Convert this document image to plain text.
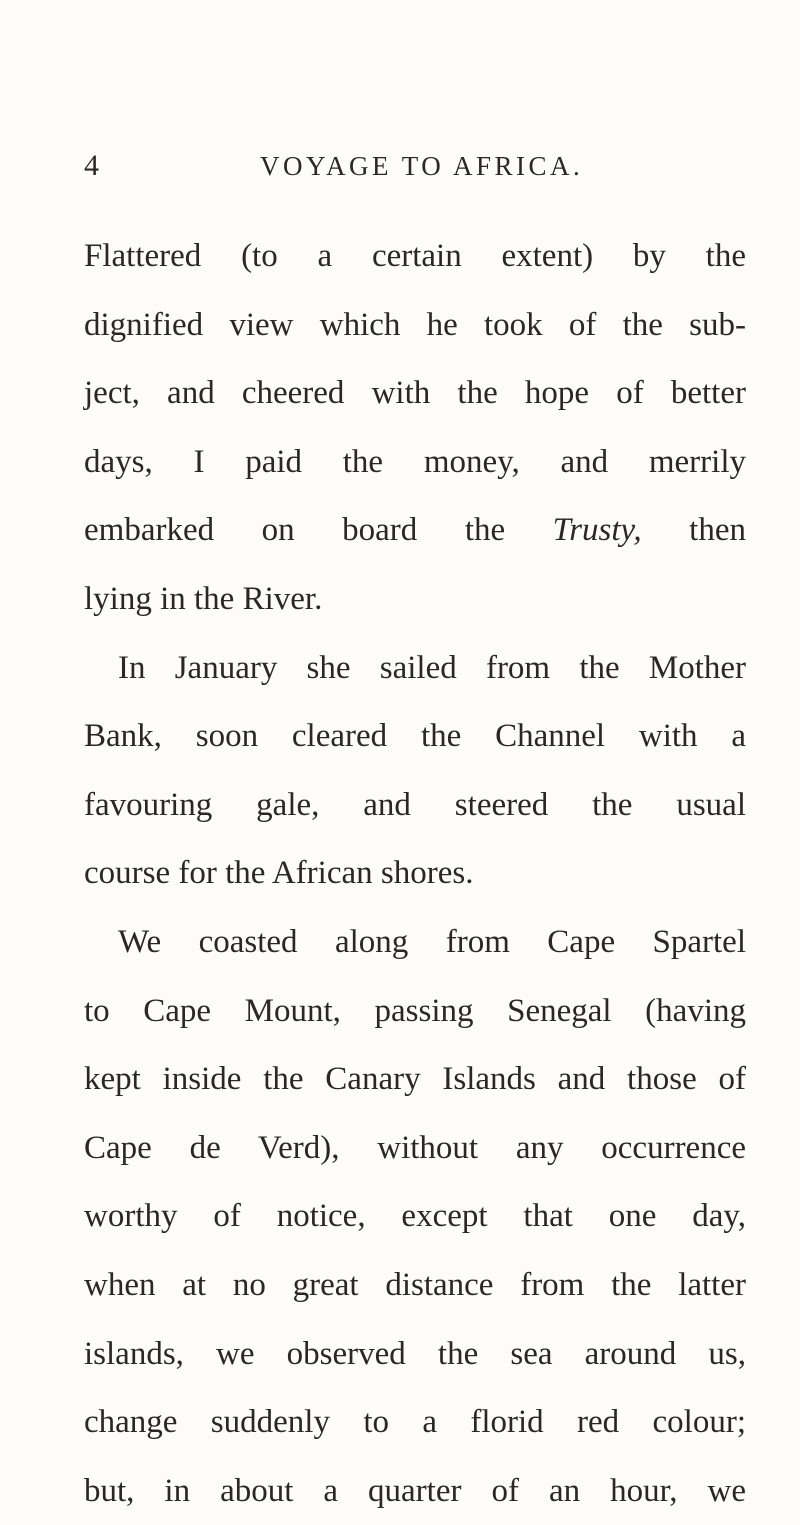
4	VOYAGE TO AFRICA.
Flattered (to a certain extent) by the
dignified view which he took of the sub-
ject, and cheered with the hope of better
days, I paid the money, and merrily
embarked on board the Trusty, then
lying in the River.
In January she sailed from the Mother
Bank, soon cleared the Channel with a
favouring gale, and steered the usual
course for the African shores.
We coasted along from Cape Spartel
to Cape Mount, passing Senegal (having
kept inside the Canary Islands and those of
Cape de Verd), without any occurrence
worthy of notice, except that one day,
when at no great distance from the latter
islands, we observed the sea around us,
change suddenly to a florid red colour;
but, in about a quarter of an hour, we
